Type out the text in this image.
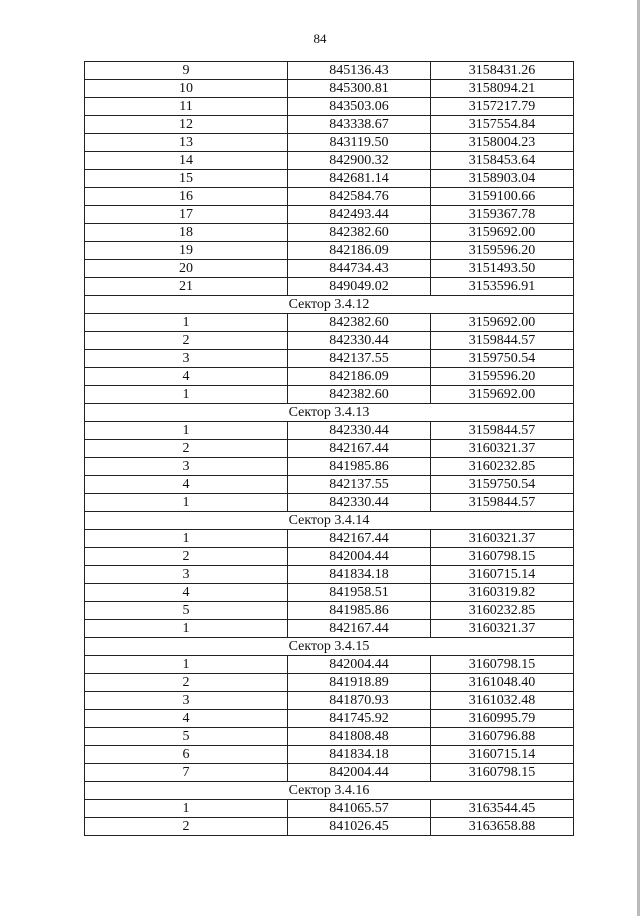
84
9	845136.43	3158431.26
10	845300.81	3158094.21
11	843503.06	3157217.79
12	843338.67	3157554.84
13	843119.50	3158004.23
14	842900.32	3158453.64
15	842681.14	3158903.04
16	842584.76	3159100.66
17	842493.44	3159367.78
18	842382.60	3159692.00
19	842186.09	3159596.20
20	844734.43	3151493.50
21	849049.02	3153596.91
Сектор 3.4.12		
1	842382.60	3159692.00
2	842330.44	3159844.57
3	842137.55	3159750.54
4	842186.09	3159596.20
1	842382.60	3159692.00
Сектор 3.4.13		
1	842330.44	3159844.57
2	842167.44	3160321.37
3	841985.86	3160232.85
4	842137.55	3159750.54
1	842330.44	3159844.57
Сектор 3.4.14		
1	842167.44	3160321.37
2	842004.44	3160798.15
3	841834.18	3160715.14
4	841958.51	3160319.82
5	841985.86	3160232.85
1	842167.44	3160321.37
Сектор 3.4.15		
1	842004.44	3160798.15
2	841918.89	3161048.40
3	841870.93	3161032.48
4	841745.92	3160995.79
5	841808.48	3160796.88
6	841834.18	3160715.14
7	842004.44	3160798.15
Сектор 3.4.16		
1	841065.57	3163544.45
2	841026.45	3163658.88
